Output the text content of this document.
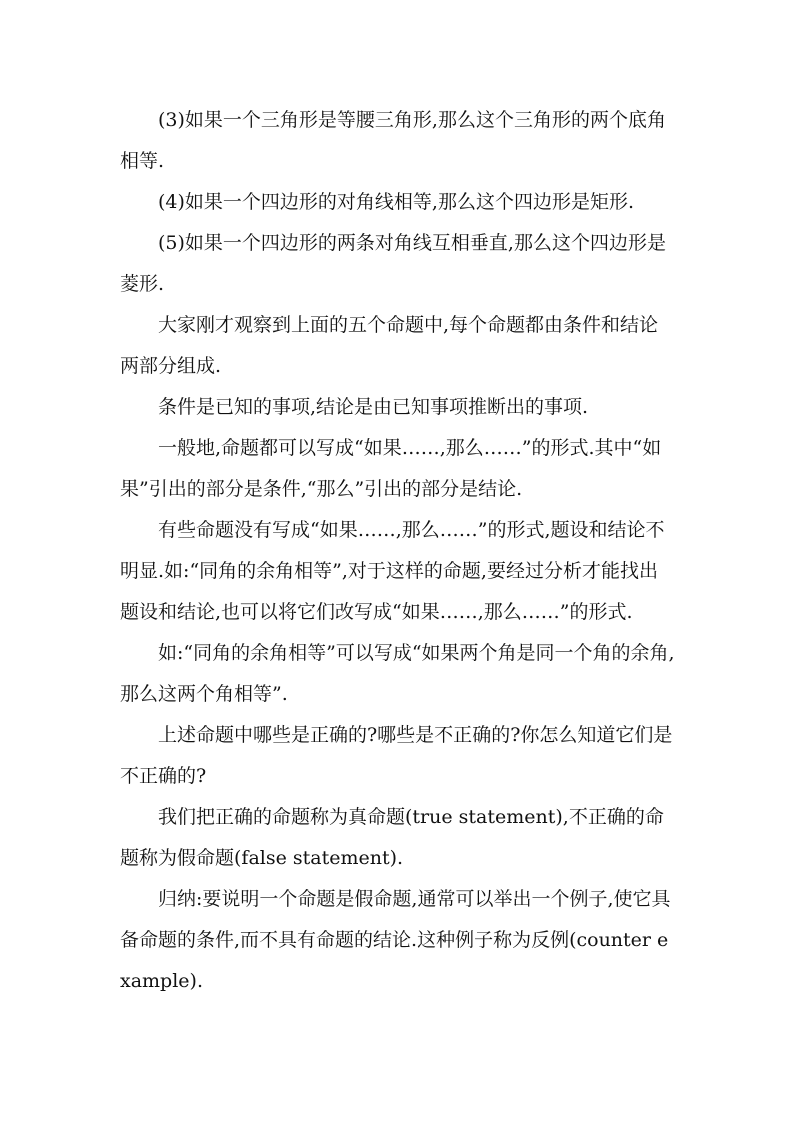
(3)如果一个三角形是等腰三角形,那么这个三角形的两个底角相等.

(4)如果一个四边形的对角线相等,那么这个四边形是矩形.

(5)如果一个四边形的两条对角线互相垂直,那么这个四边形是菱形.

大家刚才观察到上面的五个命题中,每个命题都由条件和结论两部分组成.

条件是已知的事项,结论是由已知事项推断出的事项.

一般地,命题都可以写成“如果……,那么……”的形式.其中“如果”引出的部分是条件,“那么”引出的部分是结论.

有些命题没有写成“如果……,那么……”的形式,题设和结论不明显.如:“同角的余角相等”,对于这样的命题,要经过分析才能找出题设和结论,也可以将它们改写成“如果……,那么……”的形式.

如:“同角的余角相等”可以写成“如果两个角是同一个角的余角,那么这两个角相等”.

上述命题中哪些是正确的?哪些是不正确的?你怎么知道它们是不正确的?

我们把正确的命题称为真命题(true statement),不正确的命题称为假命题(false statement).

归纳:要说明一个命题是假命题,通常可以举出一个例子,使它具备命题的条件,而不具有命题的结论.这种例子称为反例(counter example).
